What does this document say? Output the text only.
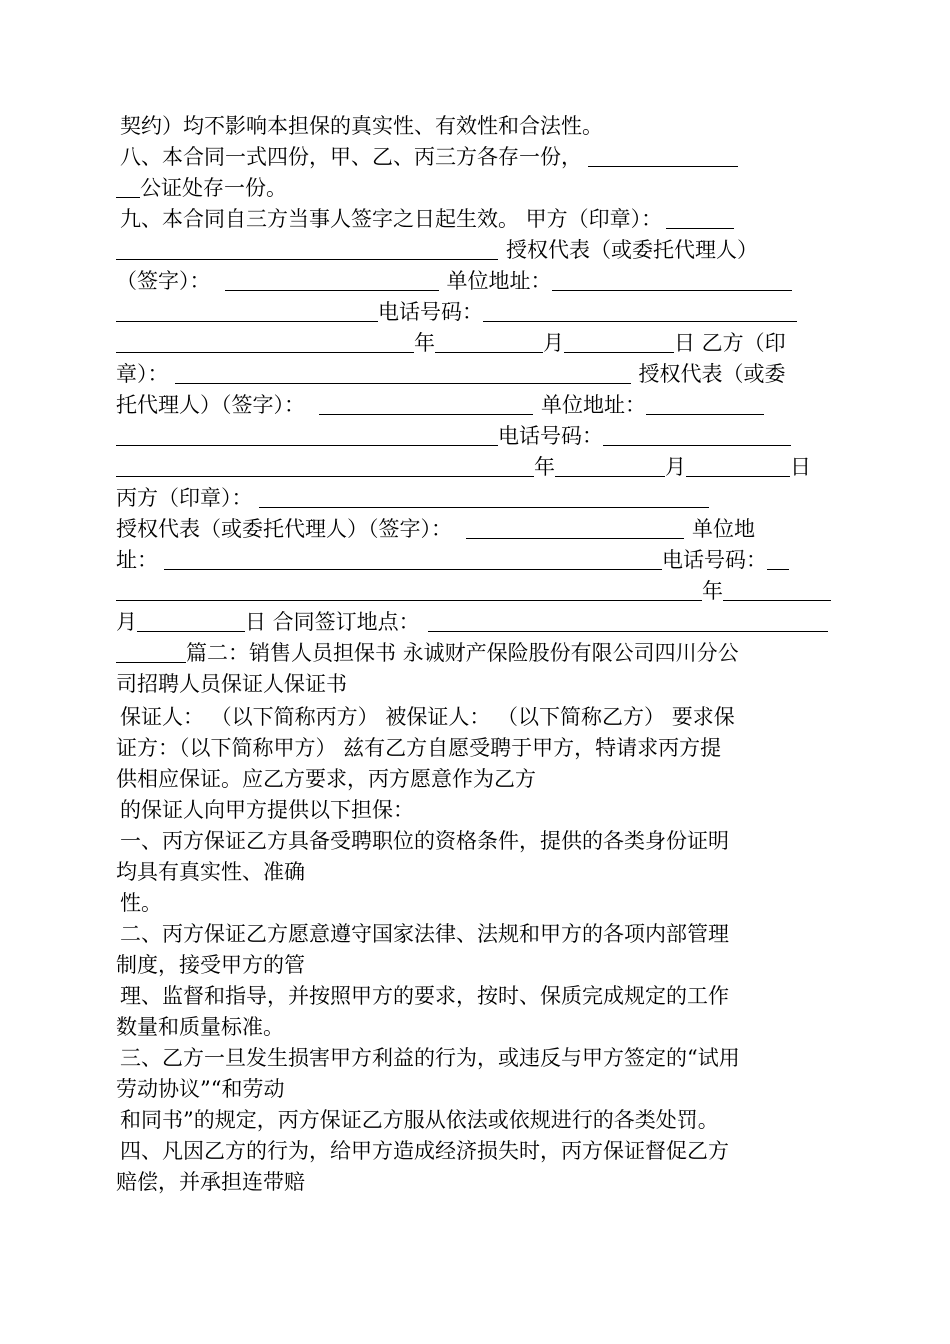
契约）均不影响本担保的真实性、有效性和合法性。
八、本合同一式四份，甲、乙、丙三方各存一份，
公证处存一份。
九、本合同自三方当事人签字之日起生效。 甲方（印章）：
授权代表（或委托代理人）
（签字）：	单位地址：
电话号码：
年	月	日 乙方（印
章）：	授权代表（或委
托代理人）（签字）：	单位地址：
电话号码：
年	月	日
丙方（印章）：
授权代表（或委托代理人）（签字）：	单位地
址：	电话号码：
年
月	日 合同签订地点：
篇二：销售人员担保书 永诚财产保险股份有限公司四川分公
司招聘人员保证人保证书
保证人： （以下简称丙方） 被保证人： （以下简称乙方） 要求保
证方：（以下简称甲方） 兹有乙方自愿受聘于甲方，特请求丙方提
供相应保证。应乙方要求，丙方愿意作为乙方
的保证人向甲方提供以下担保：
一、丙方保证乙方具备受聘职位的资格条件，提供的各类身份证明
均具有真实性、准确
性。
二、丙方保证乙方愿意遵守国家法律、法规和甲方的各项内部管理
制度，接受甲方的管
理、监督和指导，并按照甲方的要求，按时、保质完成规定的工作
数量和质量标准。
三、乙方一旦发生损害甲方利益的行为，或违反与甲方签定的“试用
劳动协议”“和劳动
和同书”的规定，丙方保证乙方服从依法或依规进行的各类处罚。
四、凡因乙方的行为，给甲方造成经济损失时，丙方保证督促乙方
赔偿，并承担连带赔
